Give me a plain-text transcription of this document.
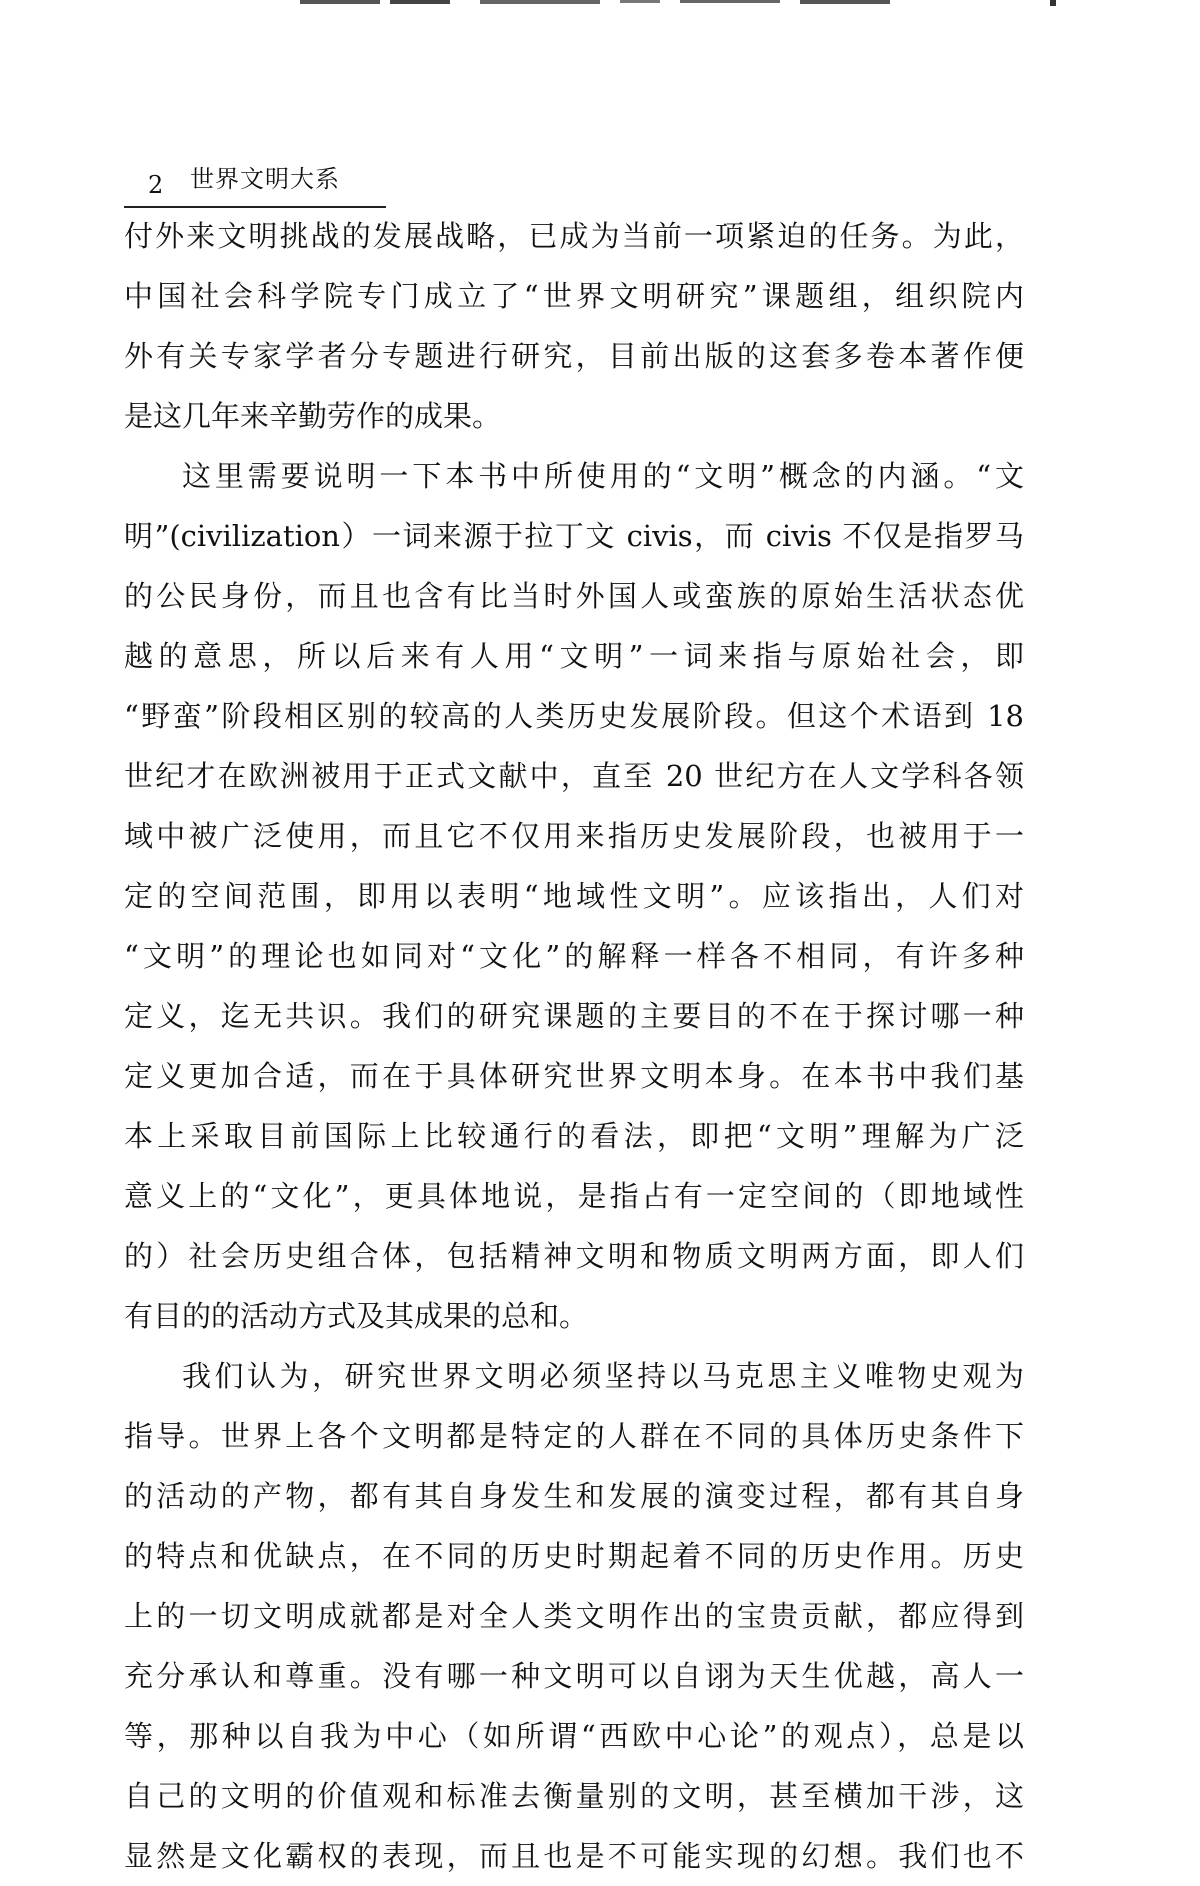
2 世界文明大系
付外来文明挑战的发展战略，已成为当前一项紧迫的任务。为此，
中国社会科学院专门成立了“世界文明研究”课题组，组织院内
外有关专家学者分专题进行研究，目前出版的这套多卷本著作便
是这几年来辛勤劳作的成果。
这里需要说明一下本书中所使用的“文明”概念的内涵。“文
明”(civilization）一词来源于拉丁文 civis，而 civis 不仅是指罗马
的公民身份，而且也含有比当时外国人或蛮族的原始生活状态优
越的意思，所以后来有人用“文明”一词来指与原始社会，即
“野蛮”阶段相区别的较高的人类历史发展阶段。但这个术语到 18
世纪才在欧洲被用于正式文献中，直至 20 世纪方在人文学科各领
域中被广泛使用，而且它不仅用来指历史发展阶段，也被用于一
定的空间范围，即用以表明“地域性文明”。应该指出，人们对
“文明”的理论也如同对“文化”的解释一样各不相同，有许多种
定义，迄无共识。我们的研究课题的主要目的不在于探讨哪一种
定义更加合适，而在于具体研究世界文明本身。在本书中我们基
本上采取目前国际上比较通行的看法，即把“文明”理解为广泛
意义上的“文化”，更具体地说，是指占有一定空间的（即地域性
的）社会历史组合体，包括精神文明和物质文明两方面，即人们
有目的的活动方式及其成果的总和。
我们认为，研究世界文明必须坚持以马克思主义唯物史观为
指导。世界上各个文明都是特定的人群在不同的具体历史条件下
的活动的产物，都有其自身发生和发展的演变过程，都有其自身
的特点和优缺点，在不同的历史时期起着不同的历史作用。历史
上的一切文明成就都是对全人类文明作出的宝贵贡献，都应得到
充分承认和尊重。没有哪一种文明可以自诩为天生优越，高人一
等，那种以自我为中心（如所谓“西欧中心论”的观点），总是以
自己的文明的价值观和标准去衡量别的文明，甚至横加干涉，这
显然是文化霸权的表现，而且也是不可能实现的幻想。我们也不
